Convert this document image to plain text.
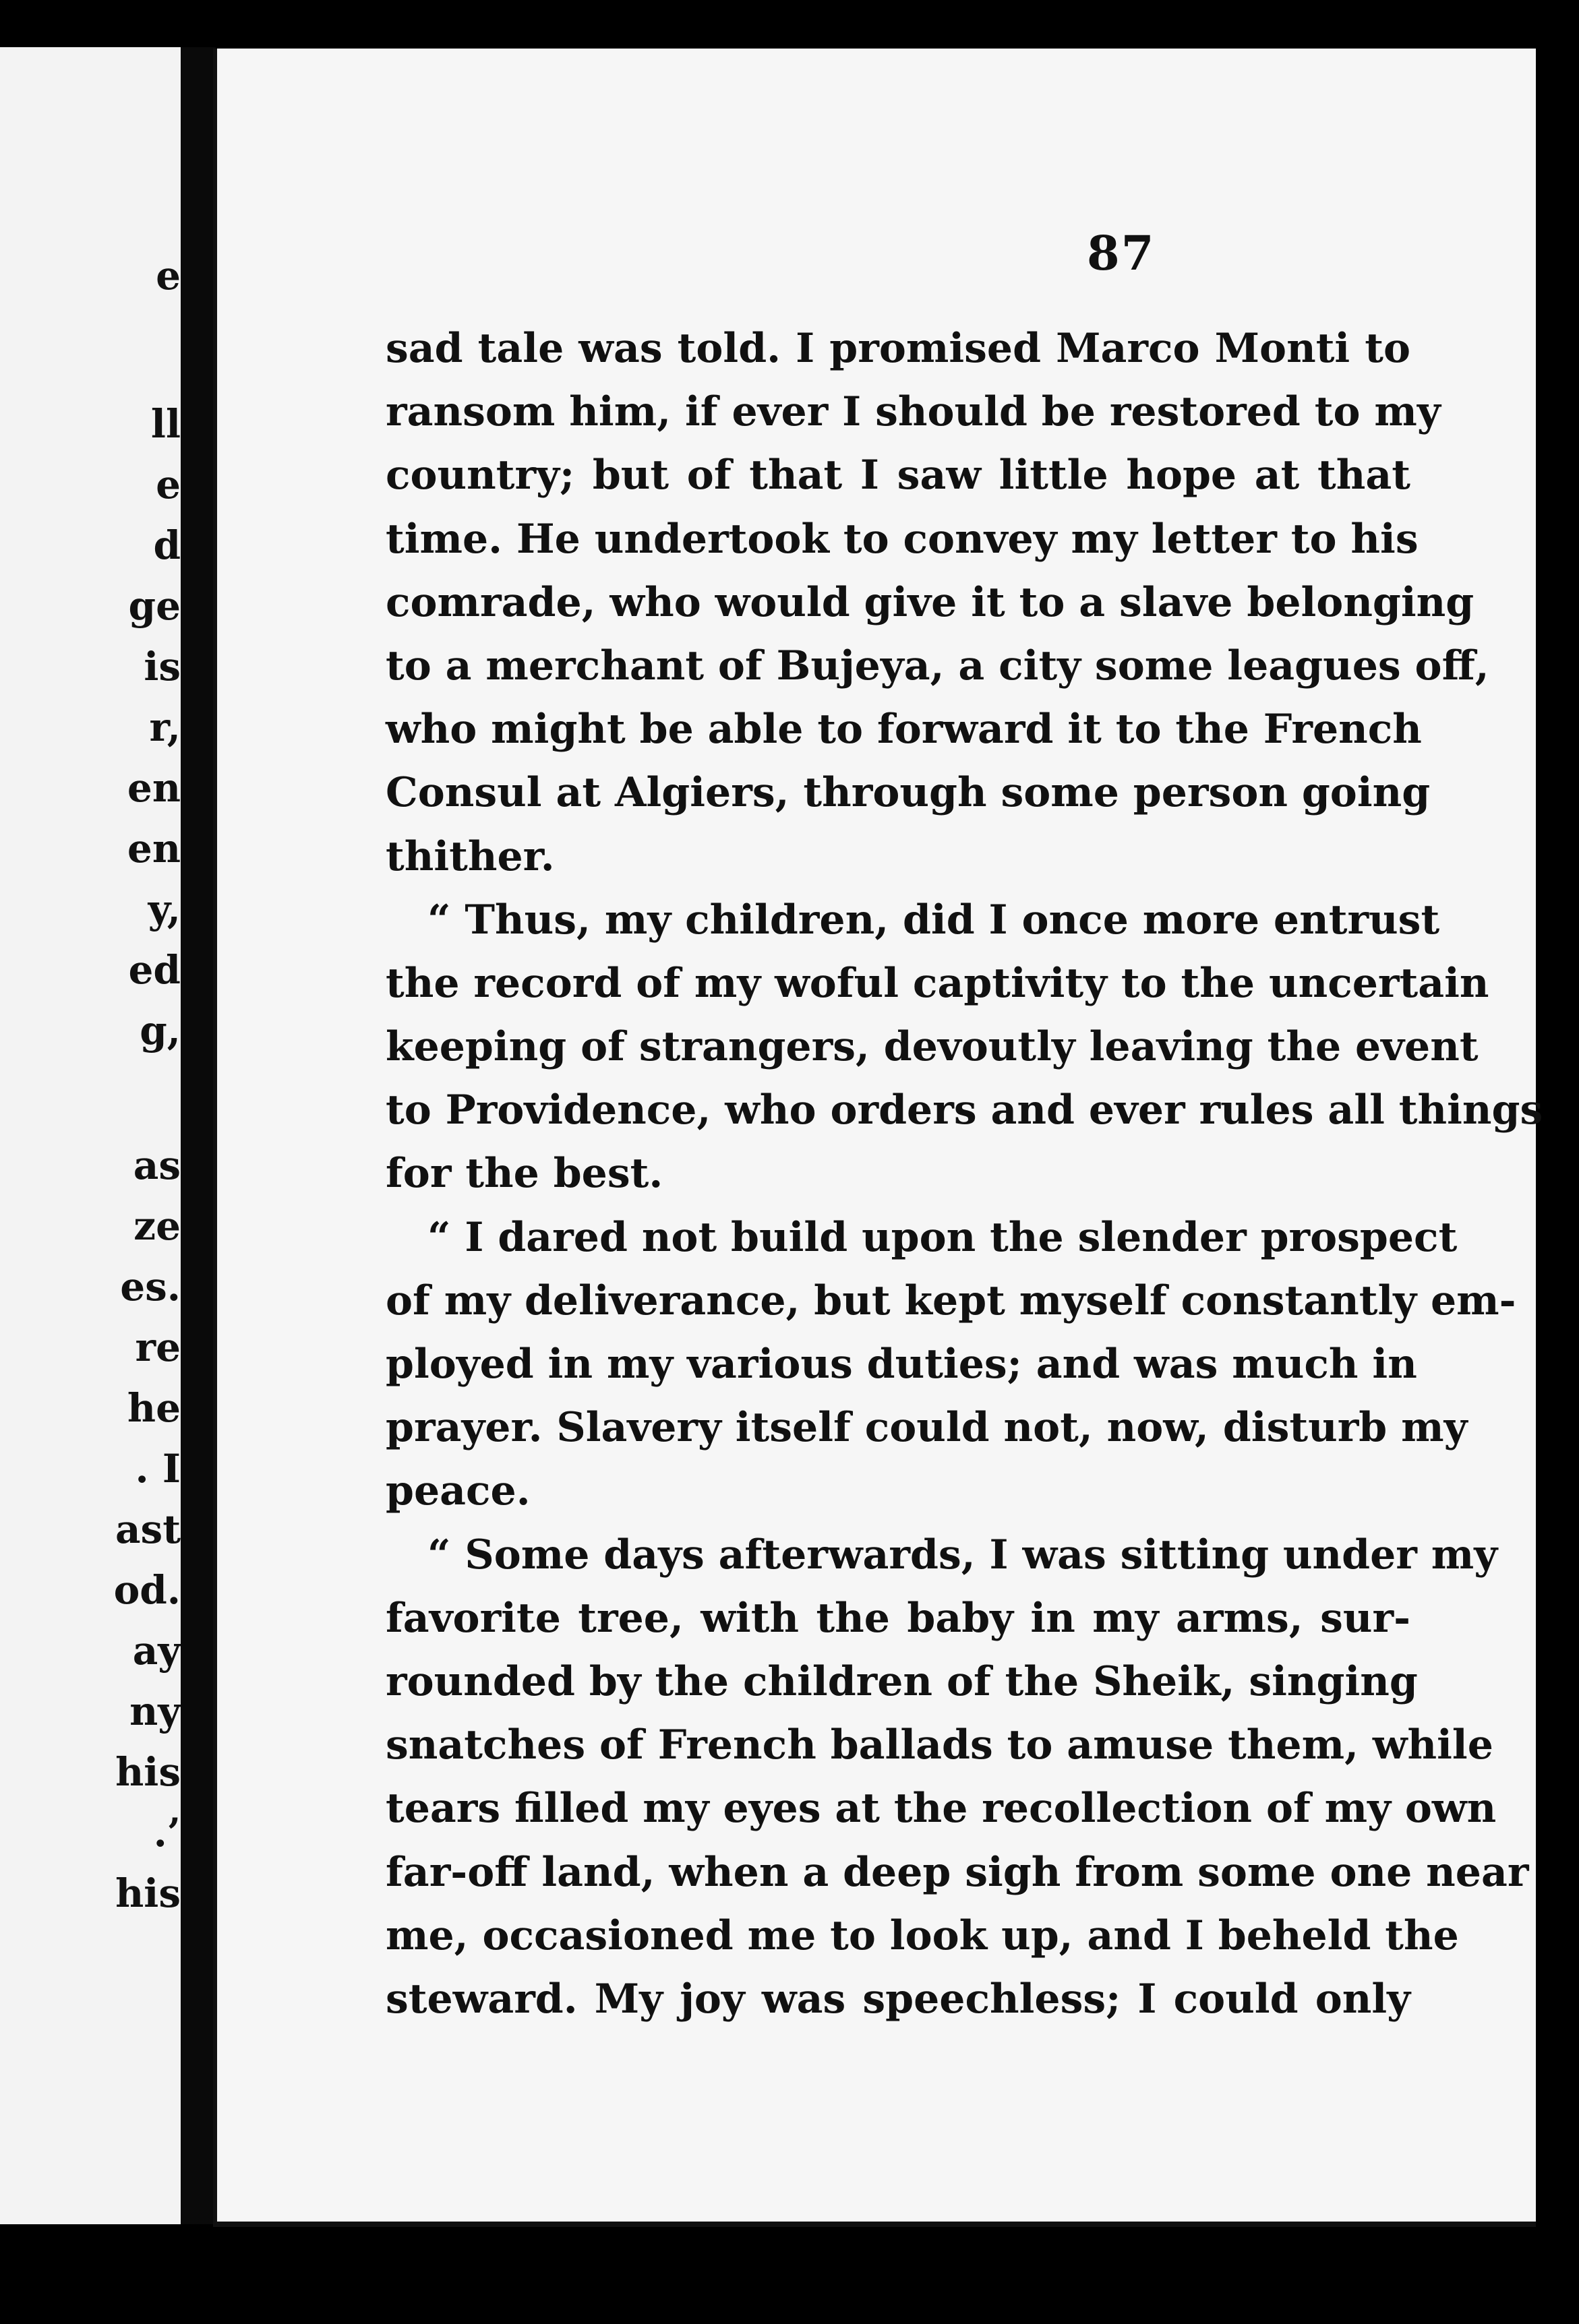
e
ll
e
d
ge
is
r,
en
en
y,
ed
g,
as
ze
es.
re
he
. I
ast
od.
ay
ny
his
.’
his
87
sad tale was told. I promised Marco Monti to
ransom him, if ever I should be restored to my
country; but of that I saw little hope at that
time. He undertook to convey my letter to his
comrade, who would give it to a slave belonging
to a merchant of Bujeya, a city some leagues off,
who might be able to forward it to the French
Consul at Algiers, through some person going
thither.
“ Thus, my children, did I once more entrust
the record of my woful captivity to the uncertain
keeping of strangers, devoutly leaving the event
to Providence, who orders and ever rules all things
for the best.
“ I dared not build upon the slender prospect
of my deliverance, but kept myself constantly em-
ployed in my various duties; and was much in
prayer. Slavery itself could not, now, disturb my
peace.
“ Some days afterwards, I was sitting under my
favorite tree, with the baby in my arms, sur-
rounded by the children of the Sheik, singing
snatches of French ballads to amuse them, while
tears filled my eyes at the recollection of my own
far-off land, when a deep sigh from some one near
me, occasioned me to look up, and I beheld the
steward. My joy was speechless; I could only
